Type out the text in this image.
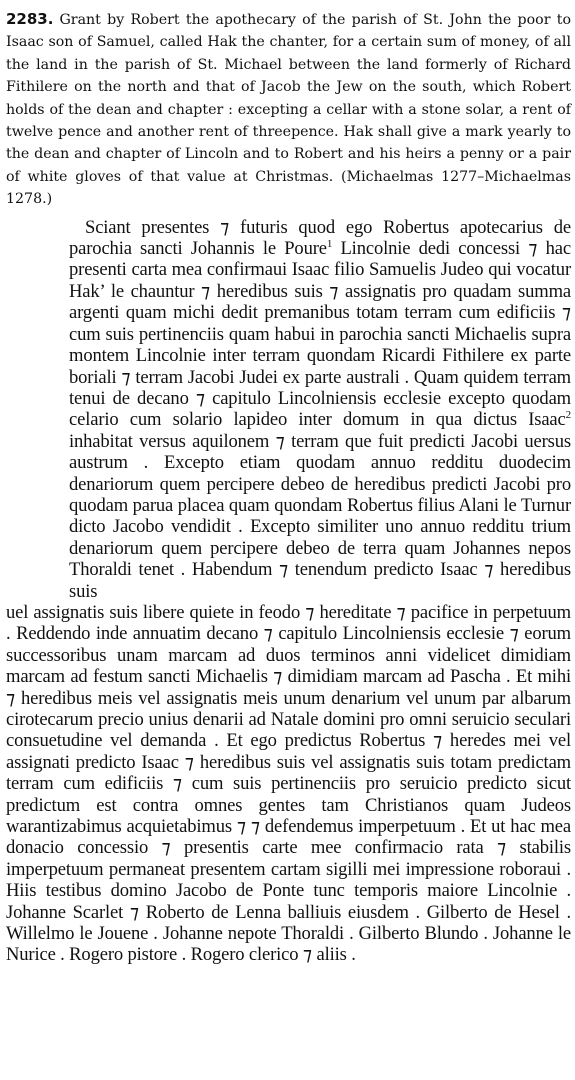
2283. Grant by Robert the apothecary of the parish of St. John the poor to Isaac son of Samuel, called Hak the chanter, for a certain sum of money, of all the land in the parish of St. Michael between the land formerly of Richard Fithilere on the north and that of Jacob the Jew on the south, which Robert holds of the dean and chapter : excepting a cellar with a stone solar, a rent of twelve pence and another rent of threepence. Hak shall give a mark yearly to the dean and chapter of Lincoln and to Robert and his heirs a penny or a pair of white gloves of that value at Christmas. (Michaelmas 1277–Michaelmas 1278.)

Sciant presentes ⁊ futuris quod ego Robertus apotecarius de parochia sancti Johannis le Poure$^1$ Lincolnie dedi concessi ⁊ hac presenti carta mea confirmaui Isaac filio Samuelis Judeo qui vocatur Hak’ le chauntur ⁊ heredibus suis ⁊ assignatis pro quadam summa argenti quam michi dedit premanibus totam terram cum edificiis ⁊ cum suis pertinenciis quam habui in parochia sancti Michaelis supra montem Lincolnie inter terram quondam Ricardi Fithilere ex parte boriali ⁊ terram Jacobi Judei ex parte australi . Quam quidem terram tenui de decano ⁊ capitulo Lincolniensis ecclesie excepto quodam celario cum solario lapideo inter domum in qua dictus Isaac$^2$ inhabitat versus aquilonem ⁊ terram que fuit predicti Jacobi uersus austrum . Excepto etiam quodam annuo redditu duodecim denariorum quem percipere debeo de heredibus predicti Jacobi pro quodam parua placea quam quondam Robertus filius Alani le Turnur dicto Jacobo vendidit . Excepto similiter uno annuo redditu trium denariorum quem percipere debeo de terra quam Johannes nepos Thoraldi tenet . Habendum ⁊ tenendum predicto Isaac ⁊ heredibus suis

uel assignatis suis libere quiete in feodo ⁊ hereditate ⁊ pacifice in perpetuum . Reddendo inde annuatim decano ⁊ capitulo Lincolniensis ecclesie ⁊ eorum successoribus unam marcam ad duos terminos anni videlicet dimidiam marcam ad festum sancti Michaelis ⁊ dimidiam marcam ad Pascha . Et mihi ⁊ heredibus meis vel assignatis meis unum denarium vel unum par albarum cirotecarum precio unius denarii ad Natale domini pro omni seruicio seculari consuetudine vel demanda . Et ego predictus Robertus ⁊ heredes mei vel assignati predicto Isaac ⁊ heredibus suis vel assignatis suis totam predictam terram cum edificiis ⁊ cum suis pertinenciis pro seruicio predicto sicut predictum est contra omnes gentes tam Christianos quam Judeos warantizabimus acquietabimus ⁊ ⁊ defendemus imperpetuum . Et ut hac mea donacio concessio ⁊ presentis carte mee confirmacio rata ⁊ stabilis imperpetuum permaneat presentem cartam sigilli mei impressione roboraui . Hiis testibus domino Jacobo de Ponte tunc temporis maiore Lincolnie . Johanne Scarlet ⁊ Roberto de Lenna balliuis eiusdem . Gilberto de Hesel . Willelmo le Jouene . Johanne nepote Thoraldi . Gilberto Blundo . Johanne le Nurice . Rogero pistore . Rogero clerico ⁊ aliis .
